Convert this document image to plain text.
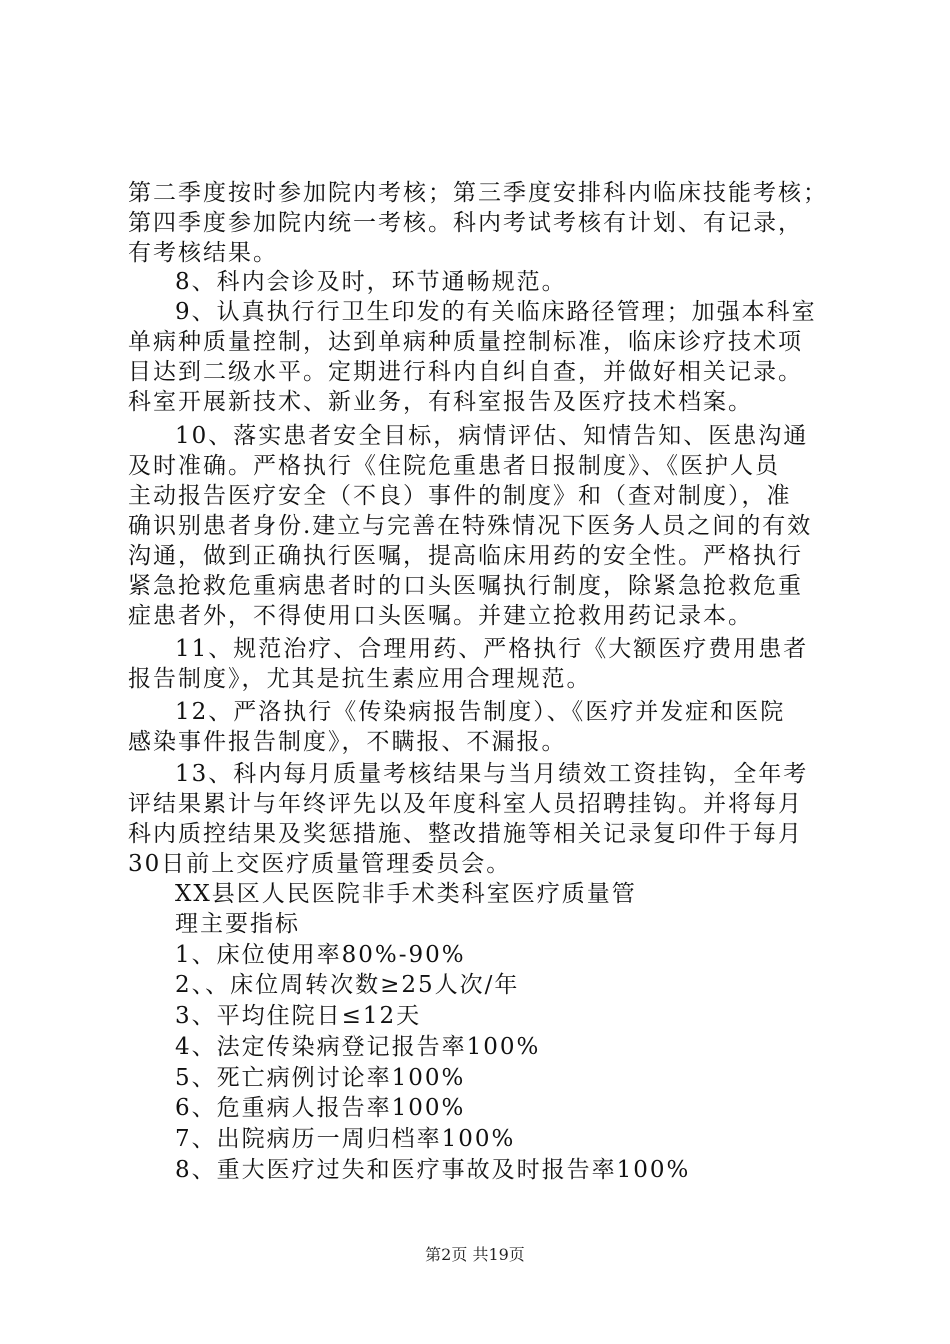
第二季度按时参加院内考核；第三季度安排科内临床技能考核；
第四季度参加院内统一考核。科内考试考核有计划、有记录，
有考核结果。
8、科内会诊及时，环节通畅规范。
9、认真执行行卫生印发的有关临床路径管理；加强本科室
单病种质量控制，达到单病种质量控制标准，临床诊疗技术项
目达到二级水平。定期进行科内自纠自查，并做好相关记录。
科室开展新技术、新业务，有科室报告及医疗技术档案。
10、落实患者安全目标，病情评估、知情告知、医患沟通
及时准确。严格执行《住院危重患者日报制度》、《医护人员
主动报告医疗安全（不良）事件的制度》和（查对制度），准
确识别患者身份.建立与完善在特殊情况下医务人员之间的有效
沟通，做到正确执行医嘱，提高临床用药的安全性。严格执行
紧急抢救危重病患者时的口头医嘱执行制度，除紧急抢救危重
症患者外，不得使用口头医嘱。并建立抢救用药记录本。
11、规范治疗、合理用药、严格执行《大额医疗费用患者
报告制度》，尤其是抗生素应用合理规范。
12、严洛执行《传染病报告制度）、《医疗并发症和医院
感染事件报告制度》，不瞒报、不漏报。
13、科内每月质量考核结果与当月绩效工资挂钩，全年考
评结果累计与年终评先以及年度科室人员招聘挂钩。并将每月
科内质控结果及奖惩措施、整改措施等相关记录复印件于每月
30日前上交医疗质量管理委员会。
XX县区人民医院非手术类科室医疗质量管
理主要指标
1、床位使用率80%-90%
2、、床位周转次数≥25人次/年
3、平均住院日≤12天
4、法定传染病登记报告率100%
5、死亡病例讨论率100%
6、危重病人报告率100%
7、出院病历一周归档率100%
8、重大医疗过失和医疗事故及时报告率100%
第2页 共19页
